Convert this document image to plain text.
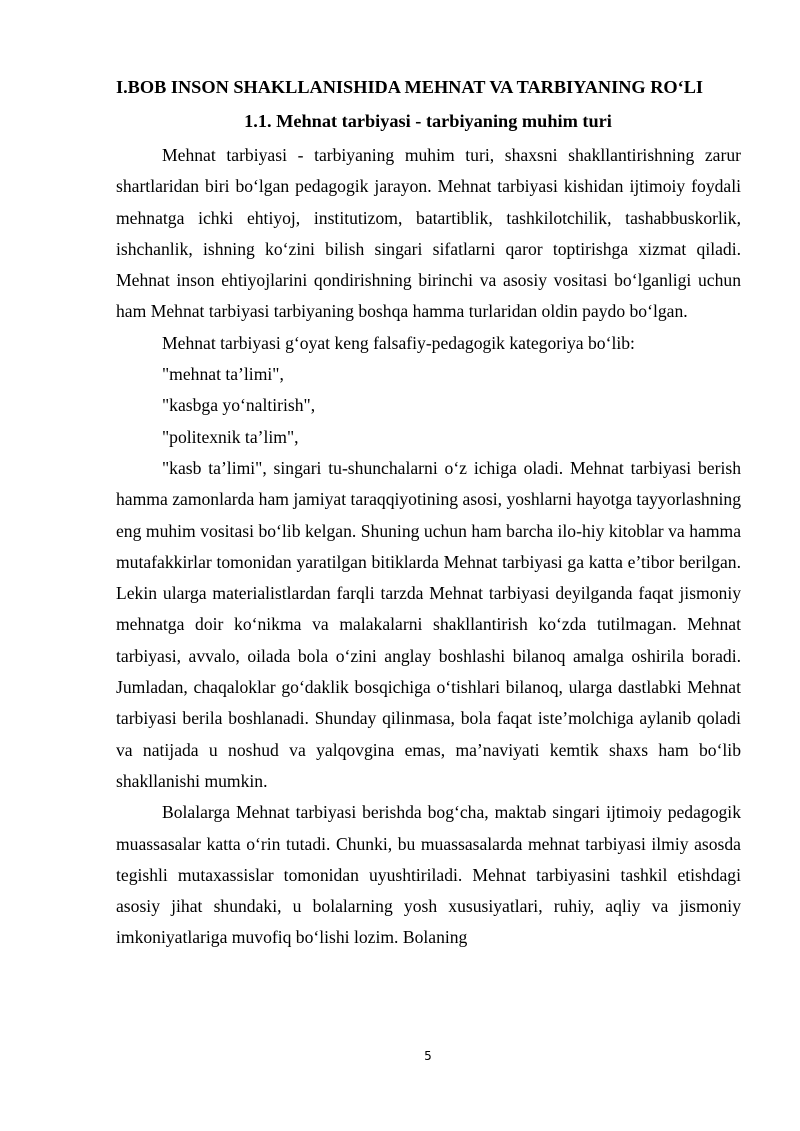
I.BOB INSON SHAKLLANISHIDA MEHNAT VA TARBIYANING RO‘LI
1.1. Mehnat tarbiyasi - tarbiyaning muhim turi

Mehnat tarbiyasi - tarbiyaning muhim turi, shaxsni shakllantirishning zarur shartlaridan biri bo‘lgan pedagogik jarayon. Mehnat tarbiyasi kishidan ijtimoiy foydali mehnatga ichki ehtiyoj, institutizom, batartiblik, tashkilotchilik, tashabbuskorlik, ishchanlik, ishning ko‘zini bilish singari sifatlarni qaror toptirishga xizmat qiladi. Mehnat inson ehtiyojlarini qondirishning birinchi va asosiy vositasi bo‘lganligi uchun ham Mehnat tarbiyasi tarbiyaning boshqa hamma turlaridan oldin paydo bo‘lgan.

Mehnat tarbiyasi g‘oyat keng falsafiy-pedagogik kategoriya bo‘lib:

"mehnat ta’limi",

"kasbga yo‘naltirish",

"politexnik ta’lim",

"kasb ta’limi", singari tu-shunchalarni o‘z ichiga oladi. Mehnat tarbiyasi berish hamma zamonlarda ham jamiyat taraqqiyotining asosi, yoshlarni hayotga tayyorlashning eng muhim vositasi bo‘lib kelgan. Shuning uchun ham barcha ilo-hiy kitoblar va hamma mutafakkirlar tomonidan yaratilgan bitiklarda Mehnat tarbiyasi ga katta e’tibor berilgan. Lekin ularga materialistlardan farqli tarzda Mehnat tarbiyasi deyilganda faqat jismoniy mehnatga doir ko‘nikma va malakalarni shakllantirish ko‘zda tutilmagan. Mehnat tarbiyasi, avvalo, oilada bola o‘zini anglay boshlashi bilanoq amalga oshirila boradi. Jumladan, chaqaloklar go‘daklik bosqichiga o‘tishlari bilanoq, ularga dastlabki Mehnat tarbiyasi berila boshlanadi. Shunday qilinmasa, bola faqat iste’molchiga aylanib qoladi va natijada u noshud va yalqovgina emas, ma’naviyati kemtik shaxs ham bo‘lib shakllanishi mumkin.

Bolalarga Mehnat tarbiyasi berishda bog‘cha, maktab singari ijtimoiy pedagogik muassasalar katta o‘rin tutadi. Chunki, bu muassasalarda mehnat tarbiyasi ilmiy asosda tegishli mutaxassislar tomonidan uyushtiriladi. Mehnat tarbiyasini tashkil etishdagi asosiy jihat shundaki, u bolalarning yosh xususiyatlari, ruhiy, aqliy va jismoniy imkoniyatlariga muvofiq bo‘lishi lozim. Bolaning

5
